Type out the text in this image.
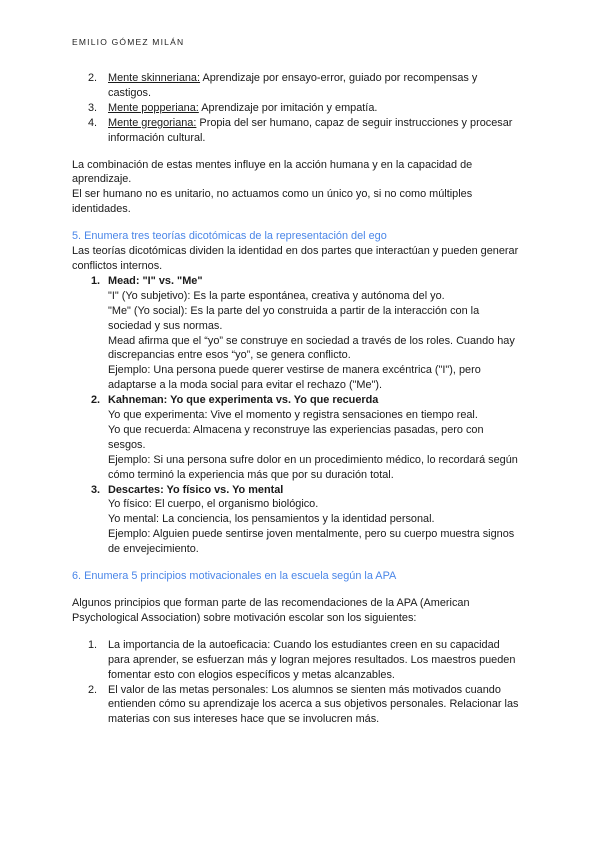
EMILIO GÓMEZ MILÁN
2. Mente skinneriana: Aprendizaje por ensayo-error, guiado por recompensas y
castigos.
3. Mente popperiana: Aprendizaje por imitación y empatía.
4. Mente gregoriana: Propia del ser humano, capaz de seguir instrucciones y procesar
información cultural.
La combinación de estas mentes influye en la acción humana y en la capacidad de
aprendizaje.
El ser humano no es unitario, no actuamos como un único yo, si no como múltiples
identidades.
5. Enumera tres teorías dicotómicas de la representación del ego
Las teorías dicotómicas dividen la identidad en dos partes que interactúan y pueden generar
conflictos internos.
1. Mead: "I" vs. "Me"
"I" (Yo subjetivo): Es la parte espontánea, creativa y autónoma del yo.
"Me" (Yo social): Es la parte del yo construida a partir de la interacción con la
sociedad y sus normas.
Mead afirma que el “yo” se construye en sociedad a través de los roles. Cuando hay
discrepancias entre esos “yo”, se genera conflicto.
Ejemplo: Una persona puede querer vestirse de manera excéntrica ("I"), pero
adaptarse a la moda social para evitar el rechazo ("Me").
2. Kahneman: Yo que experimenta vs. Yo que recuerda
Yo que experimenta: Vive el momento y registra sensaciones en tiempo real.
Yo que recuerda: Almacena y reconstruye las experiencias pasadas, pero con
sesgos.
Ejemplo: Si una persona sufre dolor en un procedimiento médico, lo recordará según
cómo terminó la experiencia más que por su duración total.
3. Descartes: Yo físico vs. Yo mental
Yo físico: El cuerpo, el organismo biológico.
Yo mental: La conciencia, los pensamientos y la identidad personal.
Ejemplo: Alguien puede sentirse joven mentalmente, pero su cuerpo muestra signos
de envejecimiento.
6. Enumera 5 principios motivacionales en la escuela según la APA
Algunos principios que forman parte de las recomendaciones de la APA (American
Psychological Association) sobre motivación escolar son los siguientes:
1. La importancia de la autoeficacia: Cuando los estudiantes creen en su capacidad
para aprender, se esfuerzan más y logran mejores resultados. Los maestros pueden
fomentar esto con elogios específicos y metas alcanzables.
2. El valor de las metas personales: Los alumnos se sienten más motivados cuando
entienden cómo su aprendizaje los acerca a sus objetivos personales. Relacionar las
materias con sus intereses hace que se involucren más.
